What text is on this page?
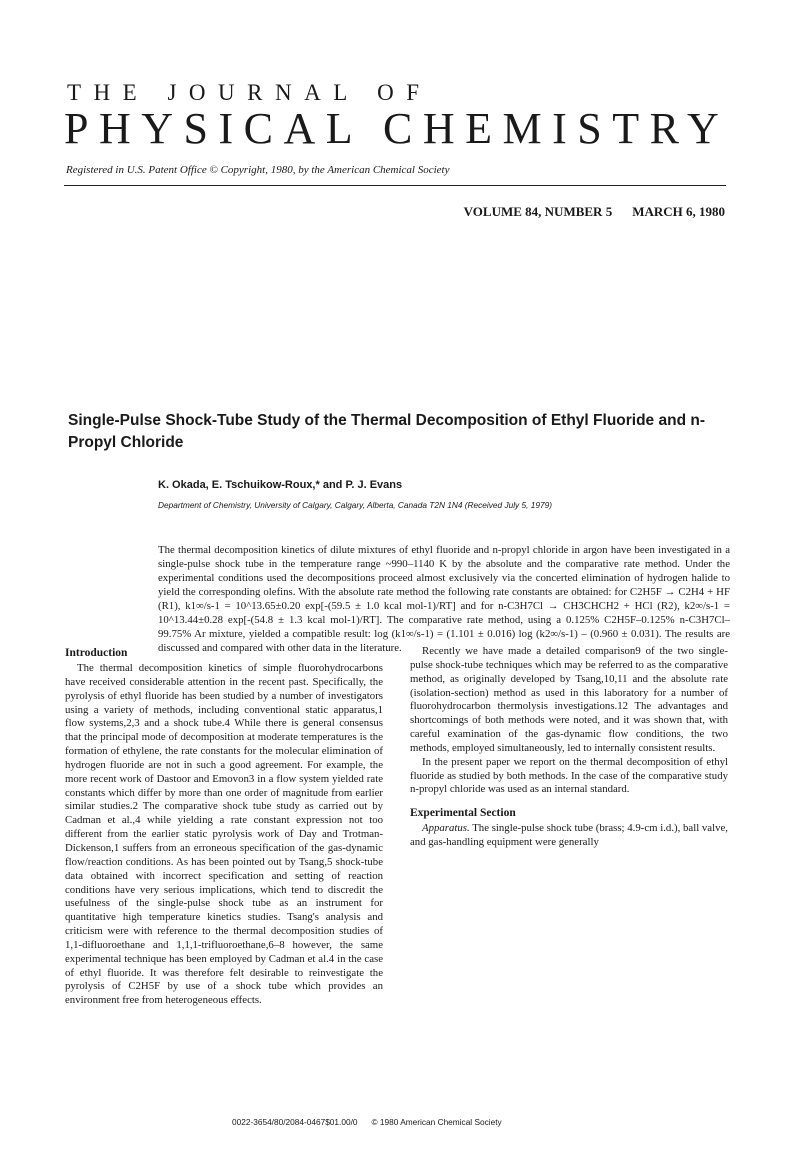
THE JOURNAL OF
PHYSICAL CHEMISTRY
Registered in U.S. Patent Office © Copyright, 1980, by the American Chemical Society
VOLUME 84, NUMBER 5 MARCH 6, 1980
Single-Pulse Shock-Tube Study of the Thermal Decomposition of Ethyl Fluoride and n-Propyl Chloride
K. Okada, E. Tschuikow-Roux,* and P. J. Evans
Department of Chemistry, University of Calgary, Calgary, Alberta, Canada T2N 1N4 (Received July 5, 1979)
The thermal decomposition kinetics of dilute mixtures of ethyl fluoride and n-propyl chloride in argon have been investigated in a single-pulse shock tube in the temperature range ~990–1140 K by the absolute and the comparative rate method. Under the experimental conditions used the decompositions proceed almost exclusively via the concerted elimination of hydrogen halide to yield the corresponding olefins. With the absolute rate method the following rate constants are obtained: for C2H5F → C2H4 + HF (R1), k1∞/s-1 = 10^13.65±0.20 exp[-(59.5 ± 1.0 kcal mol-1)/RT] and for n-C3H7Cl → CH3CHCH2 + HCl (R2), k2∞/s-1 = 10^13.44±0.28 exp[-(54.8 ± 1.3 kcal mol-1)/RT]. The comparative rate method, using a 0.125% C2H5F–0.125% n-C3H7Cl–99.75% Ar mixture, yielded a compatible result: log (k1∞/s-1) = (1.101 ± 0.016) log (k2∞/s-1) – (0.960 ± 0.031). The results are discussed and compared with other data in the literature.
Introduction

The thermal decomposition kinetics of simple fluorohydrocarbons have received considerable attention in the recent past. Specifically, the pyrolysis of ethyl fluoride has been studied by a number of investigators using a variety of methods, including conventional static apparatus,1 flow systems,2,3 and a shock tube.4 While there is general consensus that the principal mode of decomposition at moderate temperatures is the formation of ethylene, the rate constants for the molecular elimination of hydrogen fluoride are not in such a good agreement. For example, the more recent work of Dastoor and Emovon3 in a flow system yielded rate constants which differ by more than one order of magnitude from earlier similar studies.2 The comparative shock tube study as carried out by Cadman et al.,4 while yielding a rate constant expression not too different from the earlier static pyrolysis work of Day and Trotman-Dickenson,1 suffers from an erroneous specification of the gas-dynamic flow/reaction conditions. As has been pointed out by Tsang,5 shock-tube data obtained with incorrect specification and setting of reaction conditions have very serious implications, which tend to discredit the usefulness of the single-pulse shock tube as an instrument for quantitative high temperature kinetics studies. Tsang's analysis and criticism were with reference to the thermal decomposition studies of 1,1-difluoroethane and 1,1,1-trifluoroethane,6–8 however, the same experimental technique has been employed by Cadman et al.4 in the case of ethyl fluoride. It was therefore felt desirable to reinvestigate the pyrolysis of C2H5F by use of a shock tube which provides an environment free from heterogeneous effects.

Recently we have made a detailed comparison9 of the two single-pulse shock-tube techniques which may be referred to as the comparative method, as originally developed by Tsang,10,11 and the absolute rate (isolation-section) method as used in this laboratory for a number of fluorohydrocarbon thermolysis investigations.12 The advantages and shortcomings of both methods were noted, and it was shown that, with careful examination of the gas-dynamic flow conditions, the two methods, employed simultaneously, led to internally consistent results.

In the present paper we report on the thermal decomposition of ethyl fluoride as studied by both methods. In the case of the comparative study n-propyl chloride was used as an internal standard.

Experimental Section

Apparatus. The single-pulse shock tube (brass; 4.9-cm i.d.), ball valve, and gas-handling equipment were generally

0022-3654/80/2084-0467$01.00/0 © 1980 American Chemical Society
